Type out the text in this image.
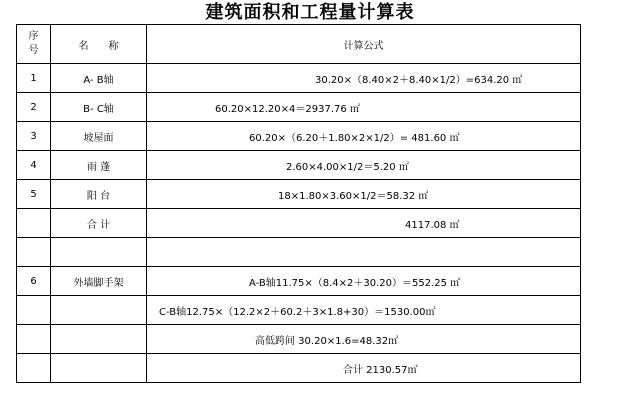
建筑面积和工程量计算表
序
号	名　　称	计算公式
1	A- B轴	30.20×（8.40×2＋8.40×1/2）=634.20 ㎡
2	B- C轴	60.20×12.20×4＝2937.76 ㎡
3	坡屋面	60.20×（6.20＋1.80×2×1/2）= 481.60 ㎡
4	雨 蓬	2.60×4.00×1/2＝5.20 ㎡
5	阳 台	18×1.80×3.60×1/2＝58.32 ㎡
	合 计	4117.08 ㎡

6	外墙脚手架	A-B轴11.75×（8.4×2＋30.20）＝552.25 ㎡
		C-B轴12.75×（12.2×2＋60.2＋3×1.8+30）＝1530.00㎡
		高低跨间 30.20×1.6=48.32㎡
		合计 2130.57㎡
